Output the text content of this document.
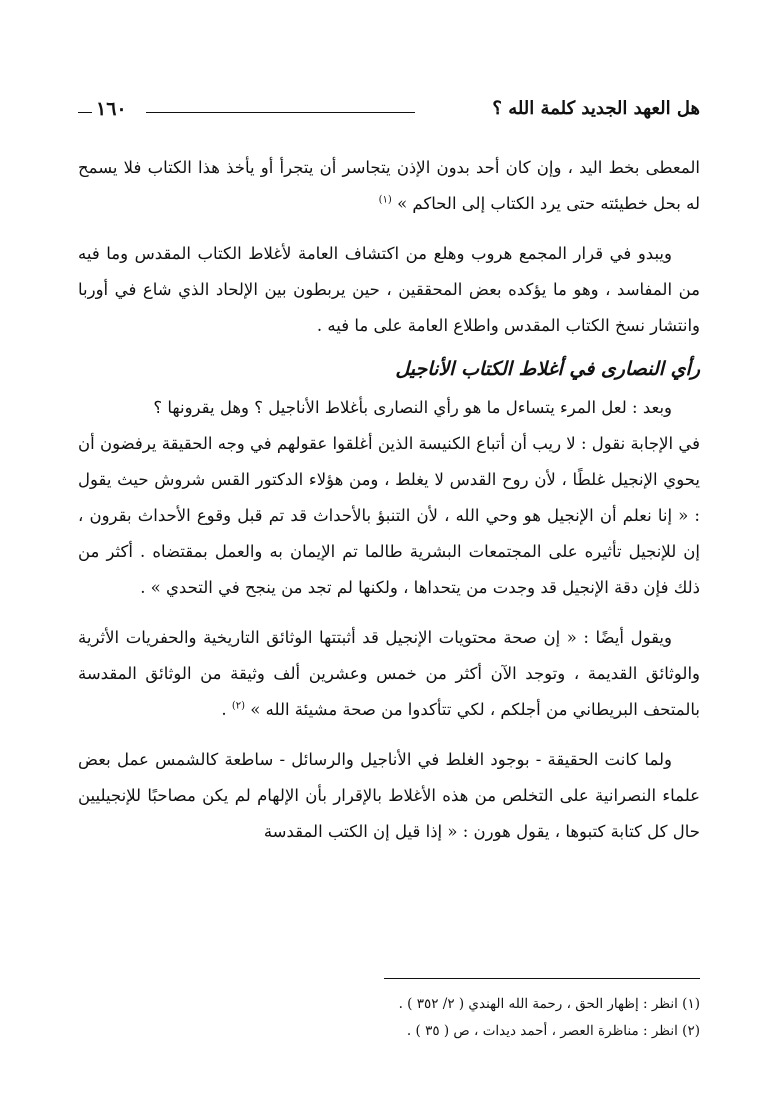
هل العهد الجديد كلمة الله ؟
١٦٠

المعطى بخط اليد ، وإن كان أحد بدون الإذن يتجاسر أن يتجرأ أو يأخذ هذا الكتاب فلا يسمح له بحل خطيئته حتى يرد الكتاب إلى الحاكم » $^{(١)}$

ويبدو في قرار المجمع هروب وهلع من اكتشاف العامة لأغلاط الكتاب المقدس وما فيه من المفاسد ، وهو ما يؤكده بعض المحققين ، حين يربطون بين الإلحاد الذي شاع في أوربا وانتشار نسخ الكتاب المقدس واطلاع العامة على ما فيه .

رأي النصارى في أغلاط الكتاب الأناجيل

وبعد : لعل المرء يتساءل ما هو رأي النصارى بأغلاط الأناجيل ؟ وهل يقرونها ؟

في الإجابة نقول : لا ريب أن أتباع الكنيسة الذين أغلقوا عقولهم في وجه الحقيقة يرفضون أن يحوي الإنجيل غلطًا ، لأن روح القدس لا يغلط ، ومن هؤلاء الدكتور القس شروش حيث يقول : « إنا نعلم أن الإنجيل هو وحي الله ، لأن التنبؤ بالأحداث قد تم قبل وقوع الأحداث بقرون ، إن للإنجيل تأثيره على المجتمعات البشرية طالما تم الإيمان به والعمل بمقتضاه . أكثر من ذلك فإن دقة الإنجيل قد وجدت من يتحداها ، ولكنها لم تجد من ينجح في التحدي » .

ويقول أيضًا : « إن صحة محتويات الإنجيل قد أثبتتها الوثائق التاريخية والحفريات الأثرية والوثائق القديمة ، وتوجد الآن أكثر من خمس وعشرين ألف وثيقة من الوثائق المقدسة بالمتحف البريطاني من أجلكم ، لكي تتأكدوا من صحة مشيئة الله » $^{(٢)}$ .

ولما كانت الحقيقة - بوجود الغلط في الأناجيل والرسائل - ساطعة كالشمس عمل بعض علماء النصرانية على التخلص من هذه الأغلاط بالإقرار بأن الإلهام لم يكن مصاحبًا للإنجيليين حال كل كتابة كتبوها ، يقول هورن : « إذا قيل إن الكتب المقدسة

(١) انظر : إظهار الحق ، رحمة الله الهندي ( ٢/ ٣٥٢ ) .
(٢) انظر : مناظرة العصر ، أحمد ديدات ، ص ( ٣٥ ) .
